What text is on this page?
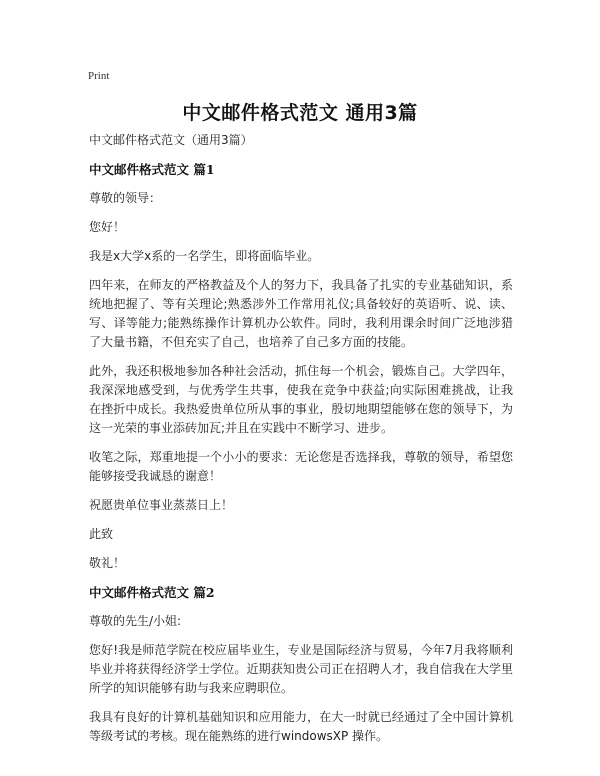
Print
中文邮件格式范文 通用3篇

中文邮件格式范文（通用3篇）

中文邮件格式范文 篇1

尊敬的领导：

您好！

我是x大学x系的一名学生，即将面临毕业。

四年来，在师友的严格教益及个人的努力下，我具备了扎实的专业基础知识，系统地把握了、等有关理论;熟悉涉外工作常用礼仪;具备较好的英语听、说、读、写、译等能力;能熟练操作计算机办公软件。同时，我利用课余时间广泛地涉猎了大量书籍，不但充实了自己，也培养了自己多方面的技能。

此外，我还积极地参加各种社会活动，抓住每一个机会，锻炼自己。大学四年，我深深地感受到，与优秀学生共事，使我在竞争中获益;向实际困难挑战，让我在挫折中成长。我热爱贵单位所从事的事业，殷切地期望能够在您的领导下，为这一光荣的事业添砖加瓦;并且在实践中不断学习、进步。

收笔之际，郑重地提一个小小的要求：无论您是否选择我，尊敬的领导，希望您能够接受我诚恳的谢意！

祝愿贵单位事业蒸蒸日上！

此致

敬礼！

中文邮件格式范文 篇2

尊敬的先生/小姐:

您好!我是师范学院在校应届毕业生，专业是国际经济与贸易，今年7月我将顺利毕业并将获得经济学士学位。近期获知贵公司正在招聘人才，我自信我在大学里所学的知识能够有助与我来应聘职位。

我具有良好的计算机基础知识和应用能力，在大一时就已经通过了全中国计算机等级考试的考核。现在能熟练的进行windowsXP 操作。
